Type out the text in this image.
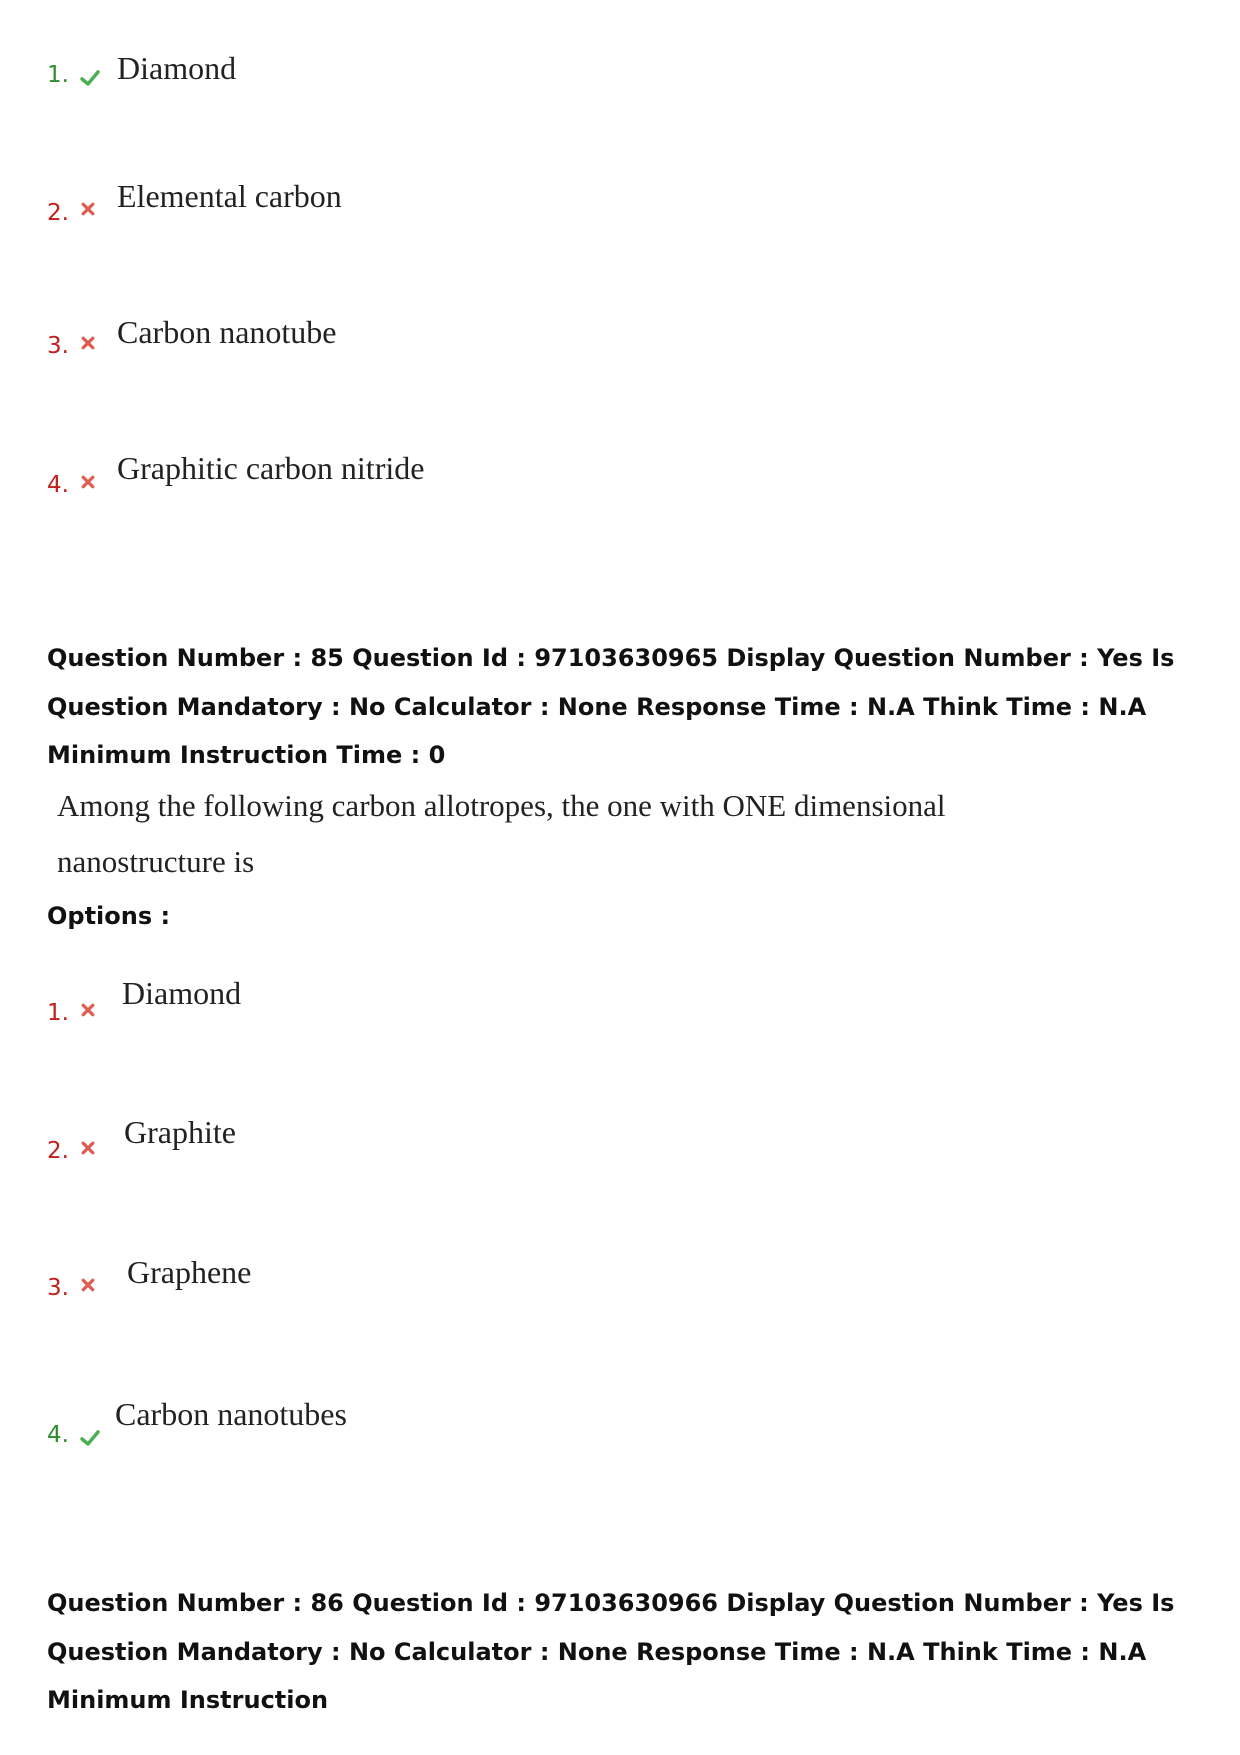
1.	Diamond
2.	Elemental carbon
3.	Carbon nanotube
4.	Graphitic carbon nitride
Question Number : 85 Question Id : 97103630965 Display Question Number : Yes Is Question Mandatory : No Calculator : None Response Time : N.A Think Time : N.A Minimum Instruction Time : 0
Among the following carbon allotropes, the one with ONE dimensional
nanostructure is
Options :
1.
Diamond
2.
Graphite
3.	Graphene
4.
Carbon nanotubes
Question Number : 86 Question Id : 97103630966 Display Question Number : Yes Is Question Mandatory : No Calculator : None Response Time : N.A Think Time : N.A Minimum Instruction
